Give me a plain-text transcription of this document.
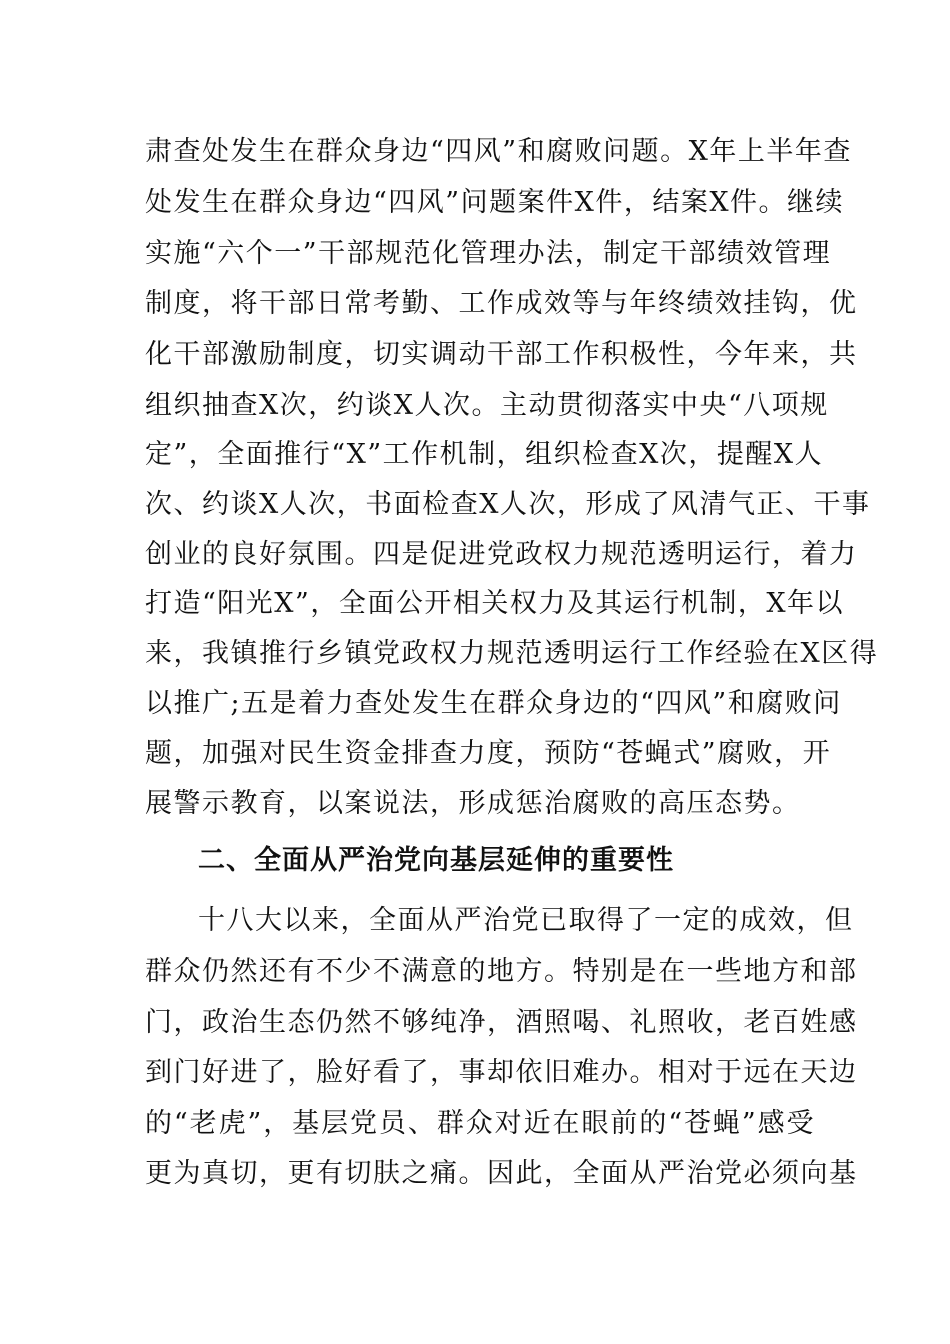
肃查处发生在群众身边“四风”和腐败问题。X年上半年查
处发生在群众身边“四风”问题案件X件，结案X件。继续
实施“六个一”干部规范化管理办法，制定干部绩效管理
制度，将干部日常考勤、工作成效等与年终绩效挂钩，优
化干部激励制度，切实调动干部工作积极性，今年来，共
组织抽查X次，约谈X人次。主动贯彻落实中央“八项规
定”，全面推行“X”工作机制，组织检查X次，提醒X人
次、约谈X人次，书面检查X人次，形成了风清气正、干事
创业的良好氛围。四是促进党政权力规范透明运行，着力
打造“阳光X”，全面公开相关权力及其运行机制，X年以
来，我镇推行乡镇党政权力规范透明运行工作经验在X区得
以推广;五是着力查处发生在群众身边的“四风”和腐败问
题，加强对民生资金排查力度，预防“苍蝇式”腐败，开
展警示教育，以案说法，形成惩治腐败的高压态势。
二、全面从严治党向基层延伸的重要性
十八大以来，全面从严治党已取得了一定的成效，但
群众仍然还有不少不满意的地方。特别是在一些地方和部
门，政治生态仍然不够纯净，酒照喝、礼照收，老百姓感
到门好进了，脸好看了，事却依旧难办。相对于远在天边
的“老虎”，基层党员、群众对近在眼前的“苍蝇”感受
更为真切，更有切肤之痛。因此，全面从严治党必须向基
